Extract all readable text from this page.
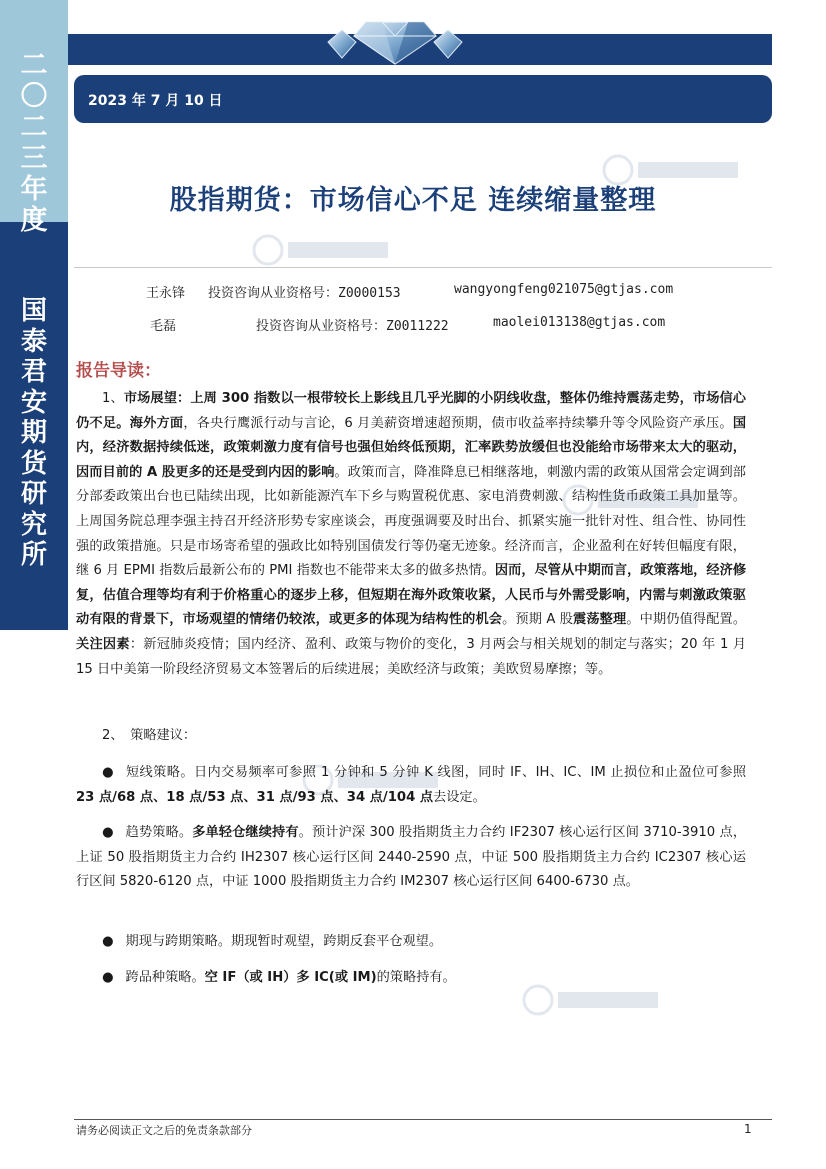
二
〇
二
三
年
度
国
泰
君
安
期
货
研
究
所
2023 年 7 月 10 日
股指期货：市场信心不足 连续缩量整理
王永锋 投资咨询从业资格号：Z0000153	wangyongfeng021075@gtjas.com
毛磊	投资咨询从业资格号：Z0011222	maolei013138@gtjas.com
报告导读：
1、市场展望：上周 300 指数以一根带较长上影线且几乎光脚的小阴线收盘，整体仍维持震荡走势，市场信心仍不足。海外方面，各央行鹰派行动与言论，6 月美薪资增速超预期，债市收益率持续攀升等令风险资产承压。国内，经济数据持续低迷，政策刺激力度有信号也强但始终低预期，汇率跌势放缓但也没能给市场带来太大的驱动，因而目前的 A 股更多的还是受到内因的影响。政策而言，降准降息已相继落地，刺激内需的政策从国常会定调到部分部委政策出台也已陆续出现，比如新能源汽车下乡与购置税优惠、家电消费刺激、结构性货币政策工具加量等。上周国务院总理李强主持召开经济形势专家座谈会，再度强调要及时出台、抓紧实施一批针对性、组合性、协同性强的政策措施。只是市场寄希望的强政比如特别国债发行等仍毫无迹象。经济而言，企业盈利在好转但幅度有限，继 6 月 EPMI 指数后最新公布的 PMI 指数也不能带来太多的做多热情。因而，尽管从中期而言，政策落地，经济修复，估值合理等均有利于价格重心的逐步上移，但短期在海外政策收紧，人民币与外需受影响，内需与刺激政策驱动有限的背景下，市场观望的情绪仍较浓，或更多的体现为结构性的机会。预期 A 股震荡整理。中期仍值得配置。关注因素：新冠肺炎疫情；国内经济、盈利、政策与物价的变化，3 月两会与相关规划的制定与落实；20 年 1 月 15 日中美第一阶段经济贸易文本签署后的后续进展；美欧经济与政策；美欧贸易摩擦；等。
2、　策略建议：
● 短线策略。日内交易频率可参照 1 分钟和 5 分钟 K 线图，同时 IF、IH、IC、IM 止损位和止盈位可参照 23 点/68 点、18 点/53 点、31 点/93 点、34 点/104 点去设定。
● 趋势策略。多单轻仓继续持有。预计沪深 300 股指期货主力合约 IF2307 核心运行区间 3710-3910 点，上证 50 股指期货主力合约 IH2307 核心运行区间 2440-2590 点，中证 500 股指期货主力合约 IC2307 核心运行区间 5820-6120 点，中证 1000 股指期货主力合约 IM2307 核心运行区间 6400-6730 点。
● 期现与跨期策略。期现暂时观望，跨期反套平仓观望。
● 跨品种策略。空 IF（或 IH）多 IC(或 IM)的策略持有。
请务必阅读正文之后的免责条款部分	1
